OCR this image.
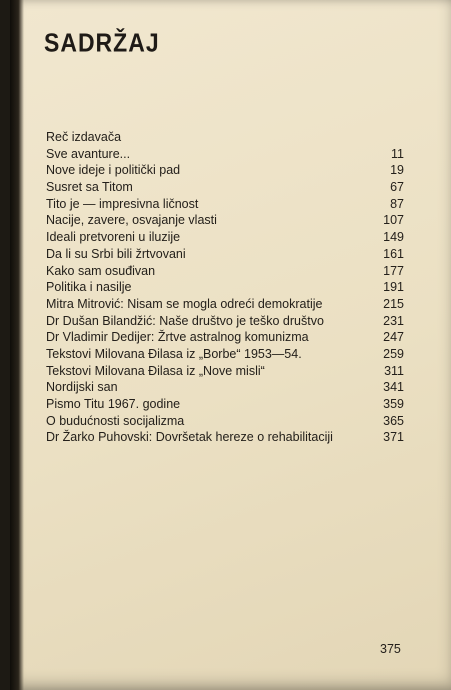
SADRŽAJ
Reč izdavača
Sve avanture...	11
Nove ideje i politički pad	19
Susret sa Titom	67
Tito je — impresivna ličnost	87
Nacije, zavere, osvajanje vlasti	107
Ideali pretvoreni u iluzije	149
Da li su Srbi bili žrtvovani	161
Kako sam osuđivan	177
Politika i nasilje	191
Mitra Mitrović: Nisam se mogla odreći demokratije	215
Dr Dušan Bilandžić: Naše društvo je teško društvo	231
Dr Vladimir Dedijer: Žrtve astralnog komunizma	247
Tekstovi Milovana Đilasa iz „Borbe“ 1953—54.	259
Tekstovi Milovana Đilasa iz „Nove misli“	311
Nordijski san	341
Pismo Titu 1967. godine	359
O budućnosti socijalizma	365
Dr Žarko Puhovski: Dovršetak hereze o rehabilitaciji	371
375
